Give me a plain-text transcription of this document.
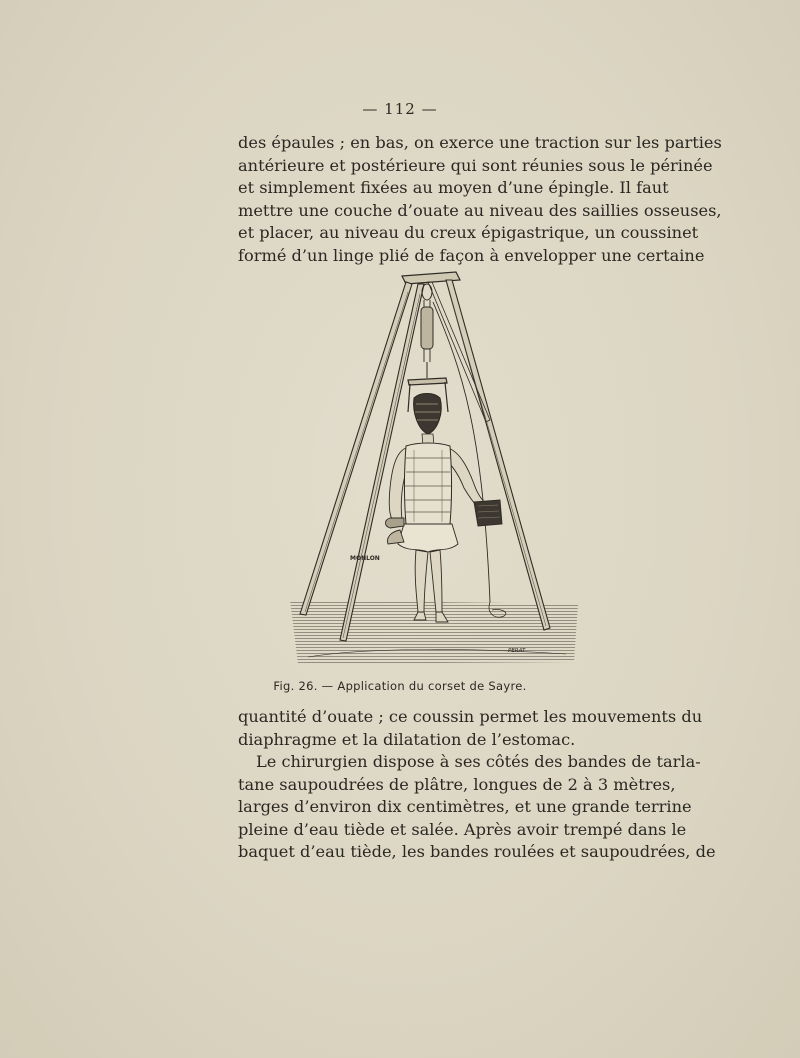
— 112 —
des épaules ; en bas, on exerce une traction sur les parties
antérieure et postérieure qui sont réunies sous le périnée
et simplement fixées au moyen d’une épingle. Il faut
mettre une couche d’ouate au niveau des saillies osseuses,
et placer, au niveau du creux épigastrique, un coussinet
formé d’un linge plié de façon à envelopper une certaine
MONLON
PERAT
Fig. 26. — Application du corset de Sayre.
quantité d’ouate ; ce coussin permet les mouvements du
diaphragme et la dilatation de l’estomac.
Le chirurgien dispose à ses côtés des bandes de tarla-
tane saupoudrées de plâtre, longues de 2 à 3 mètres,
larges d’environ dix centimètres, et une grande terrine
pleine d’eau tiède et salée. Après avoir trempé dans le
baquet d’eau tiède, les bandes roulées et saupoudrées, de
